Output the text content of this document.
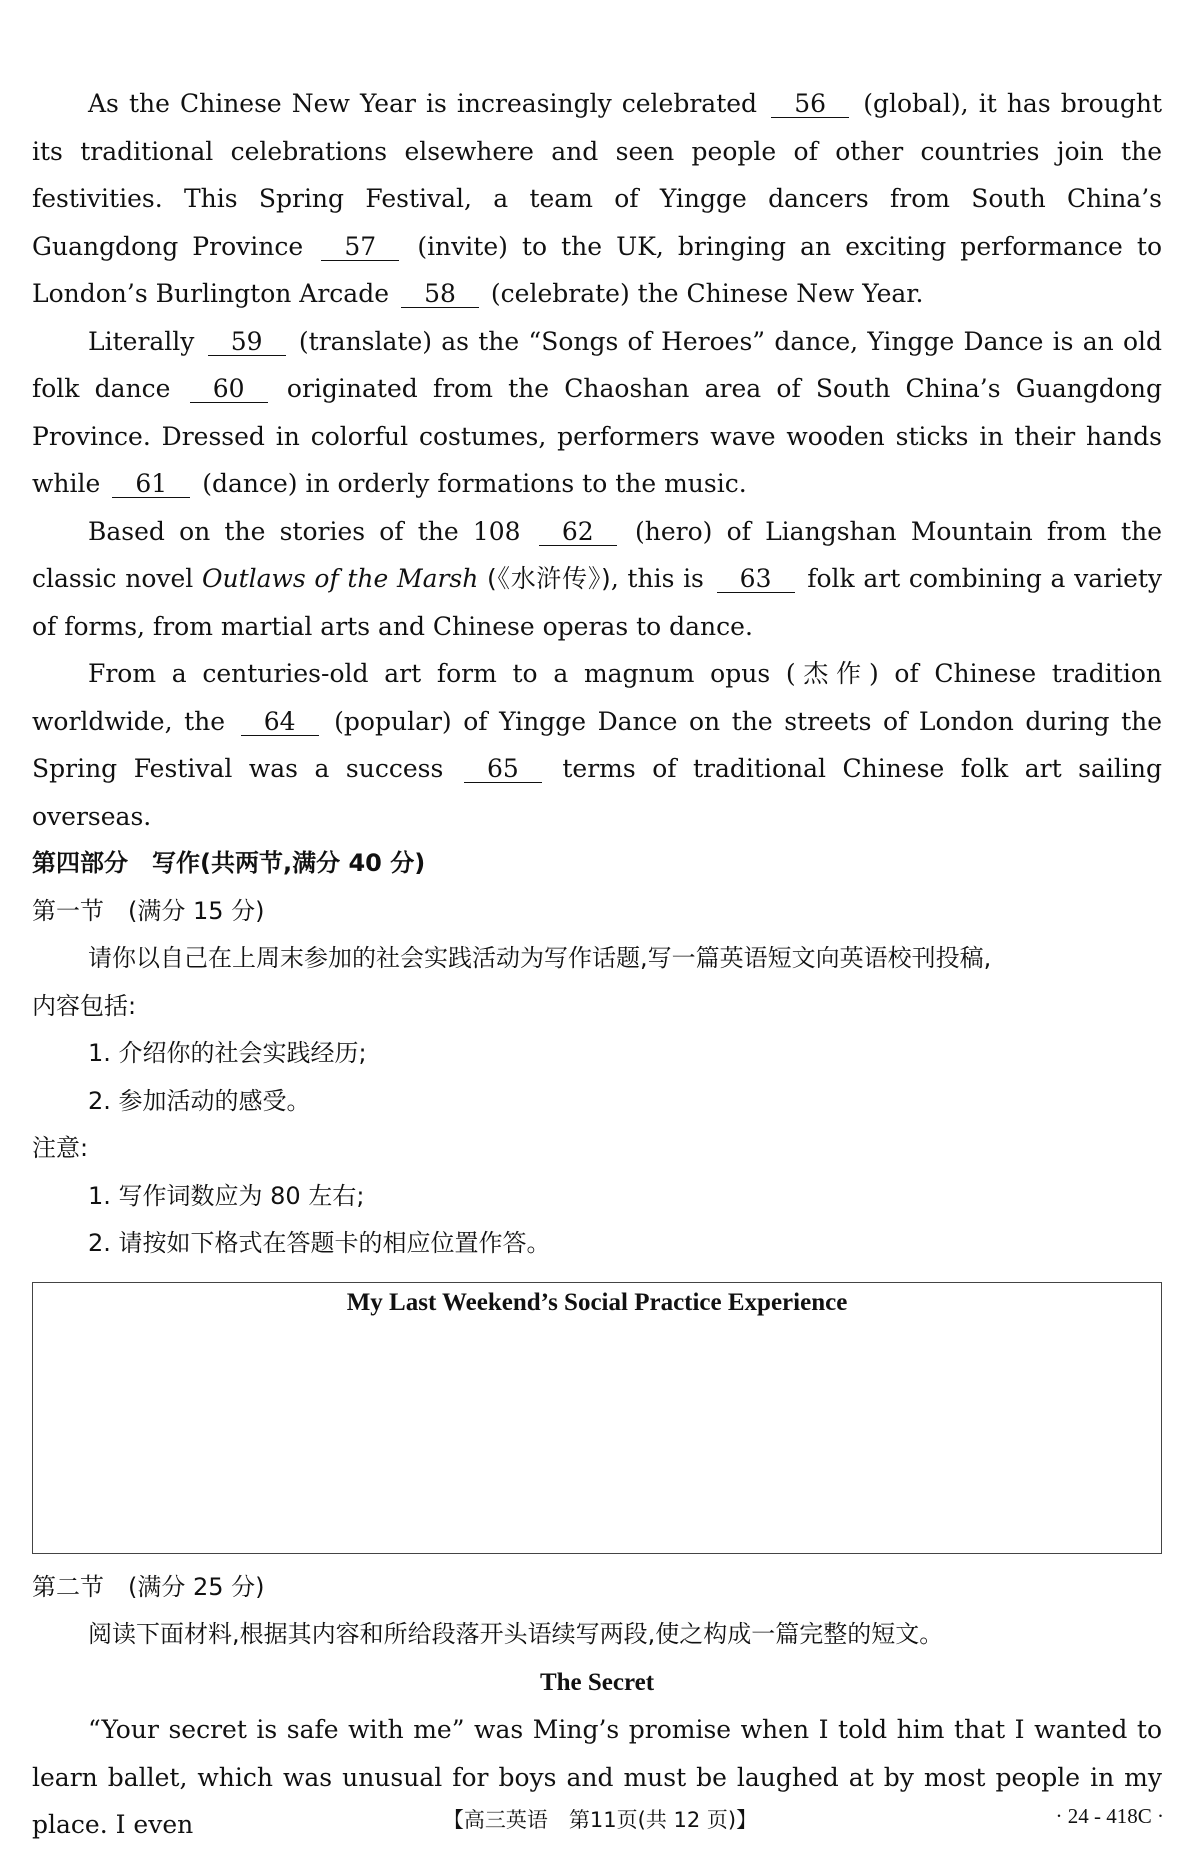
As the Chinese New Year is increasingly celebrated 56 (global), it has brought its traditional celebrations elsewhere and seen people of other countries join the festivities. This Spring Festival, a team of Yingge dancers from South China’s Guangdong Province 57 (invite) to the UK, bringing an exciting performance to London’s Burlington Arcade 58 (celebrate) the Chinese New Year.

Literally 59 (translate) as the “Songs of Heroes” dance, Yingge Dance is an old folk dance 60 originated from the Chaoshan area of South China’s Guangdong Province. Dressed in colorful costumes, performers wave wooden sticks in their hands while 61 (dance) in orderly formations to the music.

Based on the stories of the 108 62 (hero) of Liangshan Mountain from the classic novel Outlaws of the Marsh (《水浒传》), this is 63 folk art combining a variety of forms, from martial arts and Chinese operas to dance.

From a centuries-old art form to a magnum opus (杰作) of Chinese tradition worldwide, the 64 (popular) of Yingge Dance on the streets of London during the Spring Festival was a success 65 terms of traditional Chinese folk art sailing overseas.

第四部分　写作(共两节,满分 40 分)

第一节　(满分 15 分)

请你以自己在上周末参加的社会实践活动为写作话题,写一篇英语短文向英语校刊投稿,

内容包括:

1. 介绍你的社会实践经历;

2. 参加活动的感受。

注意:

1. 写作词数应为 80 左右;

2. 请按如下格式在答题卡的相应位置作答。

My Last Weekend’s Social Practice Experience

第二节　(满分 25 分)

阅读下面材料,根据其内容和所给段落开头语续写两段,使之构成一篇完整的短文。

The Secret

“Your secret is safe with me” was Ming’s promise when I told him that I wanted to learn ballet, which was unusual for boys and must be laughed at by most people in my place. I even	【高三英语　第11页(共 12 页)】	· 24 - 418C ·
